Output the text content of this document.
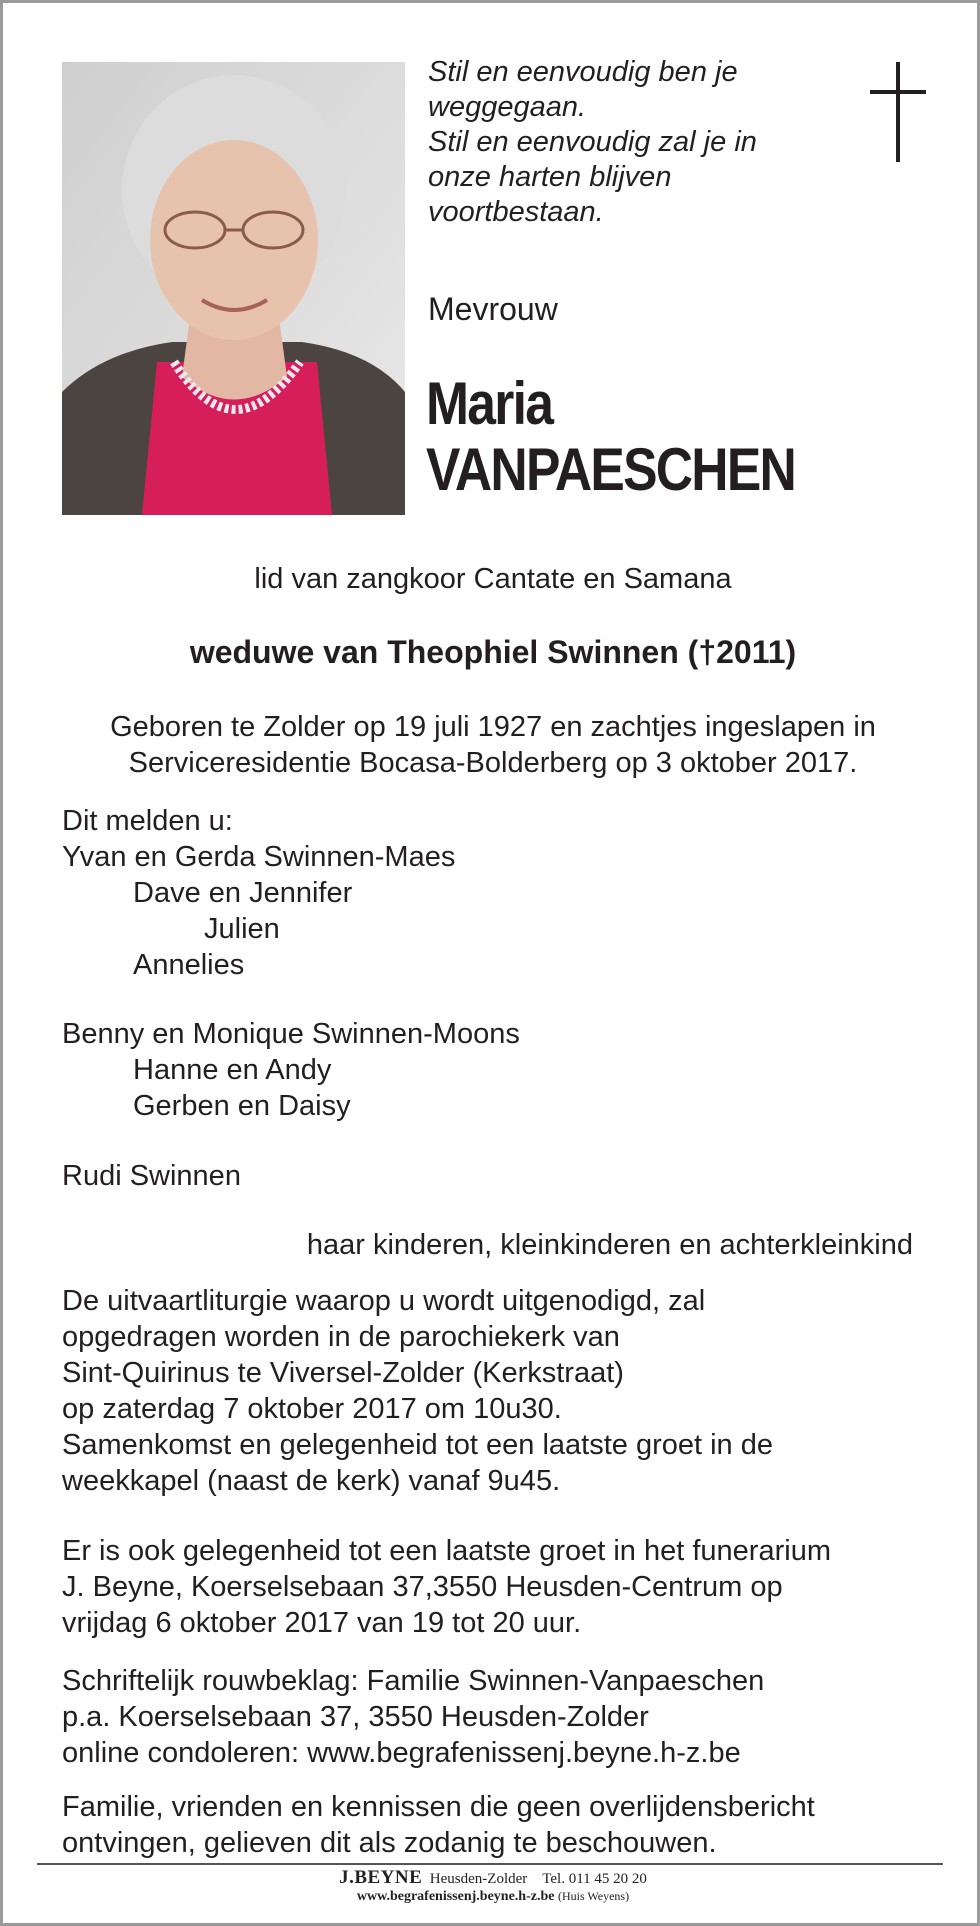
Stil en eenvoudig ben je
weggegaan.
Stil en eenvoudig zal je in
onze harten blijven
voortbestaan.
Mevrouw
Maria
VANPAESCHEN
lid van zangkoor Cantate en Samana
weduwe van Theophiel Swinnen (†2011)
Geboren te Zolder op 19 juli 1927 en zachtjes ingeslapen in
Serviceresidentie Bocasa-Bolderberg op 3 oktober 2017.
Dit melden u:
Yvan en Gerda Swinnen-Maes
Dave en Jennifer
Julien
Annelies
Benny en Monique Swinnen-Moons
Hanne en Andy
Gerben en Daisy
Rudi Swinnen
haar kinderen, kleinkinderen en achterkleinkind
De uitvaartliturgie waarop u wordt uitgenodigd, zal
opgedragen worden in de parochiekerk van
Sint-Quirinus te Viversel-Zolder (Kerkstraat)
op zaterdag 7 oktober 2017 om 10u30.
Samenkomst en gelegenheid tot een laatste groet in de
weekkapel (naast de kerk) vanaf 9u45.
Er is ook gelegenheid tot een laatste groet in het funerarium
J. Beyne, Koerselsebaan 37,3550 Heusden-Centrum op
vrijdag 6 oktober 2017 van 19 tot 20 uur.
Schriftelijk rouwbeklag: Familie Swinnen-Vanpaeschen
p.a. Koerselsebaan 37, 3550 Heusden-Zolder
online condoleren: www.begrafenissenj.beyne.h-z.be
Familie, vrienden en kennissen die geen overlijdensbericht
ontvingen, gelieven dit als zodanig te beschouwen.
J.BEYNE Heusden-Zolder Tel. 011 45 20 20
www.begrafenissenj.beyne.h-z.be (Huis Weyens)
